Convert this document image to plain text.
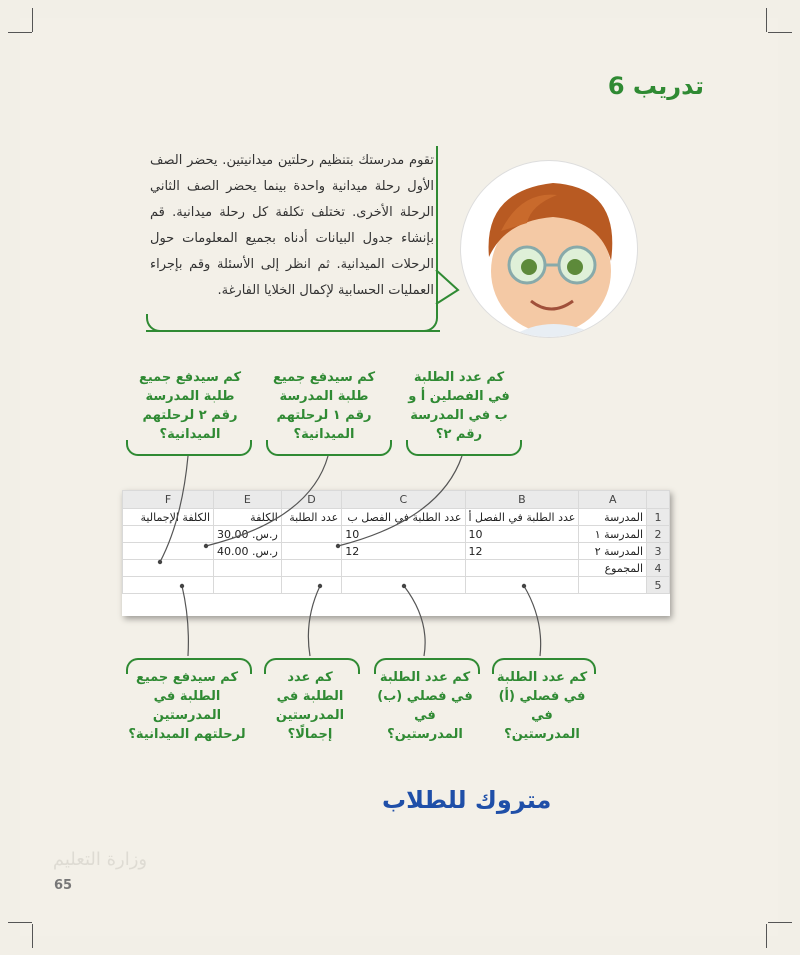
تدريب 6
تقوم مدرستك بتنظيم رحلتين ميدانيتين. يحضر الصف الأول رحلة ميدانية واحدة بينما يحضر الصف الثاني الرحلة الأخرى. تختلف تكلفة كل رحلة ميدانية. قم بإنشاء جدول البيانات أدناه بجميع المعلومات حول الرحلات الميدانية. ثم انظر إلى الأسئلة وقم بإجراء العمليات الحسابية لإكمال الخلايا الفارغة.
كم سيدفع جميع طلبة المدرسة رقم ٢ لرحلتهم الميدانية؟
كم سيدفع جميع طلبة المدرسة رقم ١ لرحلتهم الميدانية؟
كم عدد الطلبة في الفصلين أ و ب في المدرسة رقم ٢؟
	A	B	C	D	E	F
1	المدرسة	عدد الطلبة في الفصل أ	عدد الطلبة في الفصل ب	عدد الطلبة	الكلفة	الكلفة الإجمالية
2	المدرسة ١	10	10		ر.س. 30.00	
3	المدرسة ٢	12	12		ر.س. 40.00	
4	المجموع					
5						
كم سيدفع جميع الطلبة في المدرستين لرحلتهم الميدانية؟
كم عدد الطلبة في المدرستين إجمالًا؟
كم عدد الطلبة في فصلي (ب) في المدرستين؟
كم عدد الطلبة في فصلي (أ) في المدرستين؟
متروك للطلاب
وزارة التعليم
65
